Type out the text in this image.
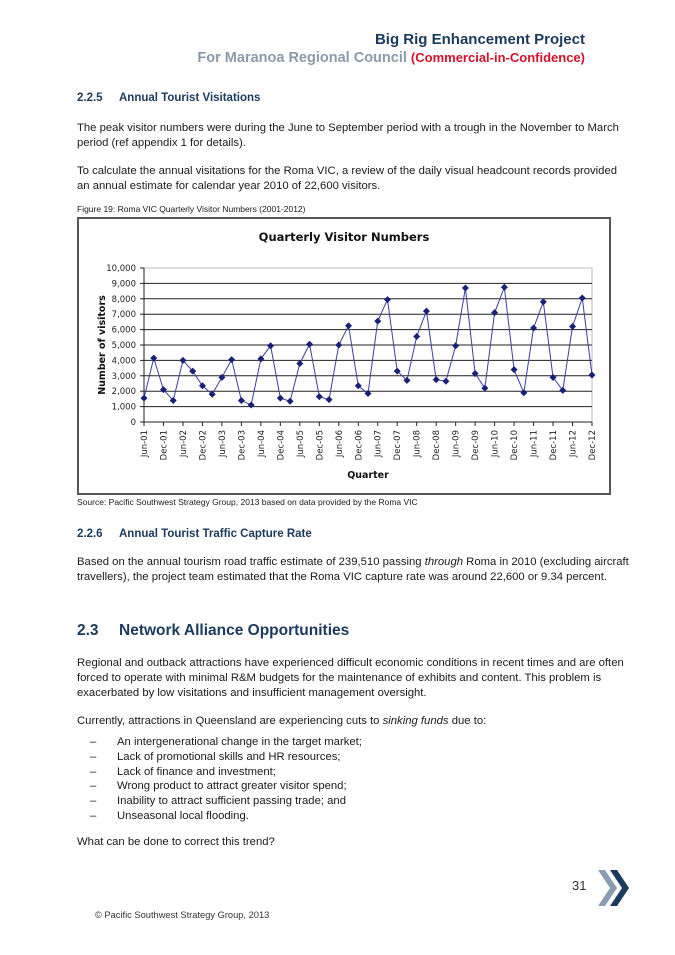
Big Rig Enhancement Project
For Maranoa Regional Council (Commercial-in-Confidence)
2.2.5 Annual Tourist Visitations

The peak visitor numbers were during the June to September period with a trough in the November to March period (ref appendix 1 for details).

To calculate the annual visitations for the Roma VIC, a review of the daily visual headcount records provided an annual estimate for calendar year 2010 of 22,600 visitors.

Figure 19: Roma VIC Quarterly Visitor Numbers (2001-2012)
Quarterly Visitor Numbers
0
1,000
2,000
3,000
4,000
5,000
6,000
7,000
8,000
9,000
10,000
Number of visitors
Jun-01 Dec-01 Jun-02 Dec-02 Jun-03 Dec-03 Jun-04 Dec-04 Jun-05 Dec-05 Jun-06 Dec-06 Jun-07 Dec-07 Jun-08 Dec-08 Jun-09 Dec-09 Jun-10 Dec-10 Jun-11 Dec-11 Jun-12 Dec-12
Quarter
Source: Pacific Southwest Strategy Group, 2013 based on data provided by the Roma VIC
2.2.6 Annual Tourist Traffic Capture Rate

Based on the annual tourism road traffic estimate of 239,510 passing through Roma in 2010 (excluding aircraft travellers), the project team estimated that the Roma VIC capture rate was around 22,600 or 9.34 percent.

2.3 Network Alliance Opportunities

Regional and outback attractions have experienced difficult economic conditions in recent times and are often forced to operate with minimal R&M budgets for the maintenance of exhibits and content. This problem is exacerbated by low visitations and insufficient management oversight.

Currently, attractions in Queensland are experiencing cuts to sinking funds due to:

– An intergenerational change in the target market;
– Lack of promotional skills and HR resources;
– Lack of finance and investment;
– Wrong product to attract greater visitor spend;
– Inability to attract sufficient passing trade; and
– Unseasonal local flooding.

What can be done to correct this trend?

31
© Pacific Southwest Strategy Group, 2013
